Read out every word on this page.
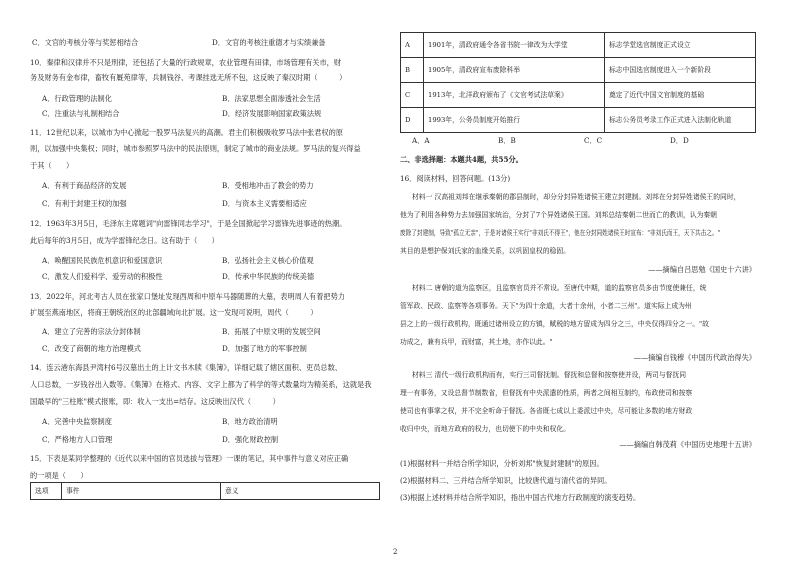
C．文官的考核分等与奖惩相结合	D．文官的考核注重德才与实绩兼备
10．秦律和汉律并不只是刑律，还包括了大量的行政规章，农业管理有田律，市场管理有关市，财
务及财务有金布律，畜牧有厩苑律等，兵制钱谷、考课挂选无所不包，这反映了秦汉时期（　　　）
A．行政管理的法制化	B．法家思想全面渗透社会生活
C．注重法与礼制相结合	D．经济发展影响国家政策法规
11．12世纪以来，以城市为中心掀起一股罗马法复兴的高潮。君主们积极吸收罗马法中张君权的原
则，以加强中央集权；同时，城市参照罗马法中的民法原则，制定了城市的商业法规。罗马法的复兴得益
于其（　　）
A．有利于商品经济的发展	B．受相地冲击了教会的势力
C．有利于封建王权的加强	D．与资本主义需要相适应
12．1963年3月5日，毛泽东主席题词"向雷锋同志学习"，于是全国掀起学习雷锋先进事迹的热潮。
此后每年的3月5日，成为学雷锋纪念日。这有助于（　　）
A．唤醒国民民族危机意识和爱国意识	B．弘扬社会主义核心价值观
C．激发人们爱科学、爱劳动的积极性	D．传承中华民族的传统美德
13．2022年，河北考古人员在张家口堡址发现西周和中原车马器随葬的大墓，表明周人有着把势力
扩展至燕南地区，将商王朝统治区的北部疆域向北扩展。这一发现可说明，周代（　　　）
A．建立了完善的宗法分封体制	B．拓展了中原文明的发展空间
C．改变了商朝的地方治理模式	D．加强了地方的军事控制
14．连云港东海县尹湾村6号汉墓出土的上计文书木牍《集簿》，详细记载了辖区面积、吏员总数、
人口总数，一岁钱谷出入数等。《集簿》在格式、内容、文字上都为了科学的等式数量均为精美系，这就是我
国最早的"三柱账"模式报账，即：收入一支出=结存。这反映出汉代（　　　）
A．完善中央监察制度	B．地方政治清明
C．严格地方人口管理	D．强化财政控制
15．下表是某同学整理的《近代以来中国的官员选拔与管理》一课的笔记，其中事件与意义对应正确
的一项是（　　）
选项	事件	意义
A	1901年，清政府通令各省书院一律改为大学堂	标志学堂选官制度正式设立
B	1905年，清政府宣布废除科举	标志中国选官制度进入一个新阶段
C	1913年，北洋政府颁布了《文官考试法草案》	奠定了近代中国文官制度的基础
D	1993年，公务员制度开始推行	标志公务员考录工作正式进入法制化轨道
A．A	B．B	C．C	D．D
二、非选择题：本题共4题，共55分。
16．阅读材料，回答问题。(13分)
材料一 汉高祖刘邦在继承秦朝的郡县制时，却分分封异姓诸侯王建立封建制。刘邦在分封异姓诸侯王的同时，
他为了利用各种势力去加强国家统治，分封了7个异姓诸侯王国。刘邦总结秦朝二世而亡的教训，认为秦朝
废除了封建制，导致"孤立无亲"，于是对诸侯王实行"非刘氏不得王"，他在分封同姓诸侯王时宣布："非刘氏而王，天下共击之。"
其目的是想护保刘氏家的血缘关系，以巩固皇权的稳固。
——摘编自吕思勉《国史十六讲》
材料二 唐朝的道为监察区，且监察官员并不常设。至唐代中期，道的监察官员多由节度使兼任，统
管军政、民政、监察等各项事务。天下"为四十余道，大者十余州，小者二三州"。道实际上成为州
县之上的一级行政机构，既通过诸州设立的方镇，赋税的地方留成为四分之三，中央仅得四分之一。"故
功成之，兼有兵甲，而财富，其土地，亦作以此。"
——摘编自钱穆《中国历代政治得失》
材料三 清代一级行政机构而有，实行三司督抚制。督抚和总督和按察使并设，两司与督抚同
理一有事务，又设总督节制数省，但督抚有中央派遣的性质，两者之间相互制约，布政使司和按察
使司也有事掌之权，并不完全听命于督抚。各省既七成以上委派过中央，尽可能让多数的地方财政
收归中央，而地方政府的权力，也切使下的中央和权化。
——摘编自韩茂莉《中国历史地理十五讲》
(1)根据材料一并结合所学知识，分析刘邦"恢复封建制"的原因。
(2)根据材料二、三并结合所学知识，比较唐代道与清代省的异同。
(3)根据上述材料并结合所学知识，指出中国古代地方行政制度的演变趋势。
2
